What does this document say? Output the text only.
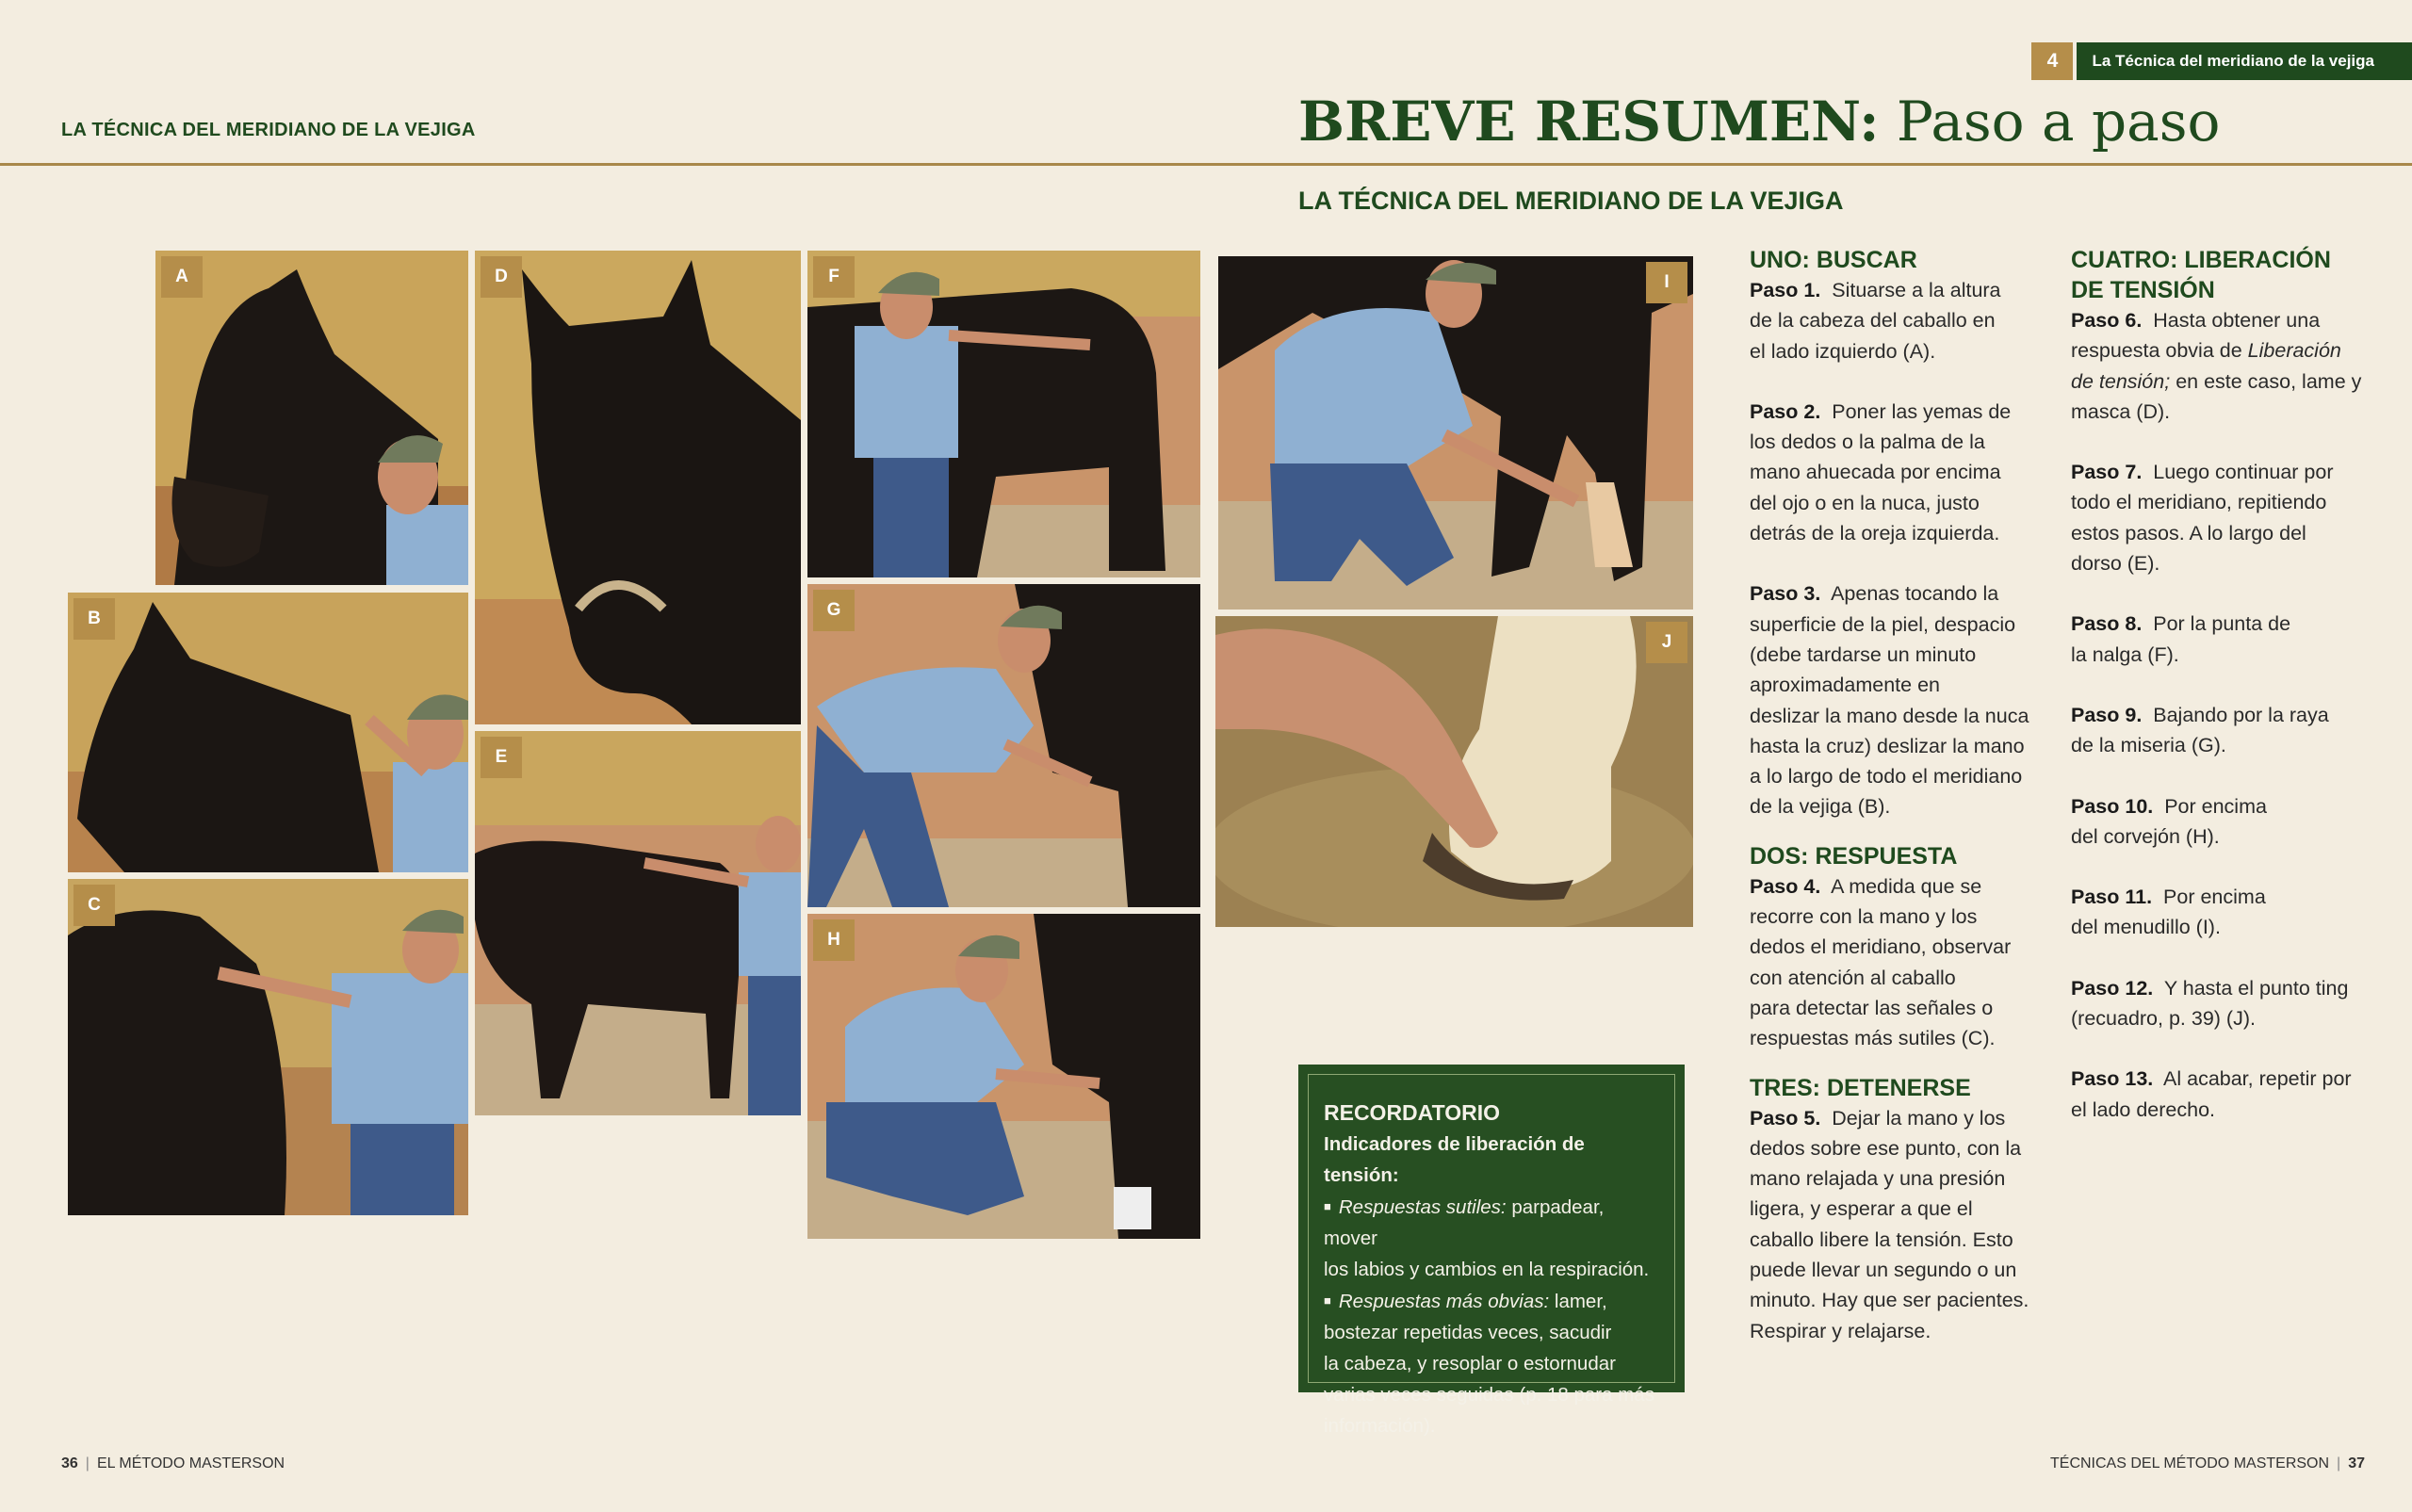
LA TÉCNICA DEL MERIDIANO DE LA VEJIGA
4	La Técnica del meridiano de la vejiga
BREVE RESUMEN: Paso a paso
LA TÉCNICA DEL MERIDIANO DE LA VEJIGA
A
B
C
D
E
F
G
H
I
J
RECORDATORIO
Indicadores de liberación de tensión:
■ Respuestas sutiles: parpadear, mover
los labios y cambios en la respiración.
■ Respuestas más obvias: lamer,
bostezar repetidas veces, sacudir
la cabeza, y resoplar o estornudar
varias veces seguidas (p. 18 para más
información).
UNO: BUSCAR

Paso 1. Situarse a la altura
de la cabeza del caballo en
el lado izquierdo (A).

Paso 2. Poner las yemas de
los dedos o la palma de la
mano ahuecada por encima
del ojo o en la nuca, justo
detrás de la oreja izquierda.

Paso 3. Apenas tocando la
superficie de la piel, despacio
(debe tardarse un minuto
aproximadamente en
deslizar la mano desde la nuca
hasta la cruz) deslizar la mano
a lo largo de todo el meridiano
de la vejiga (B).

DOS: RESPUESTA

Paso 4. A medida que se
recorre con la mano y los
dedos el meridiano, observar
con atención al caballo
para detectar las señales o
respuestas más sutiles (C).

TRES: DETENERSE

Paso 5. Dejar la mano y los
dedos sobre ese punto, con la
mano relajada y una presión
ligera, y esperar a que el
caballo libere la tensión. Esto
puede llevar un segundo o un
minuto. Hay que ser pacientes.
Respirar y relajarse.

CUATRO: LIBERACIÓN
DE TENSIÓN

Paso 6. Hasta obtener una
respuesta obvia de Liberación
de tensión; en este caso, lame y
masca (D).

Paso 7. Luego continuar por
todo el meridiano, repitiendo
estos pasos. A lo largo del
dorso (E).

Paso 8. Por la punta de
la nalga (F).

Paso 9. Bajando por la raya
de la miseria (G).

Paso 10. Por encima
del corvejón (H).

Paso 11. Por encima
del menudillo (I).

Paso 12. Y hasta el punto ting
(recuadro, p. 39) (J).

Paso 13. Al acabar, repetir por
el lado derecho.

36 | EL MÉTODO MASTERSON	TÉCNICAS DEL MÉTODO MASTERSON | 37
